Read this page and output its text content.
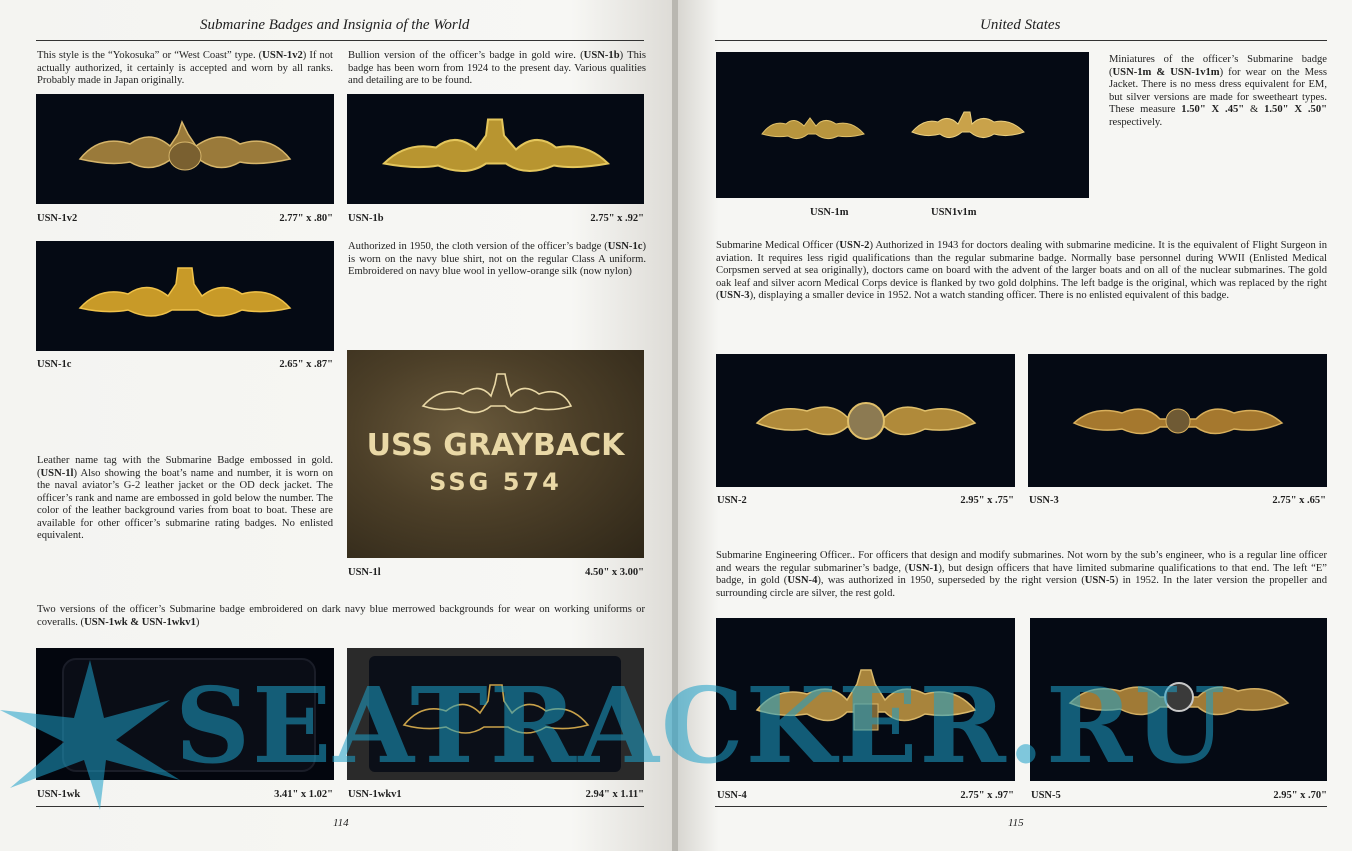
Submarine Badges and Insignia of the World
This style is the “Yokosuka” or “West Coast” type. (USN-1v2) If not actually authorized, it certainly is accepted and worn by all ranks. Probably made in Japan originally.
Bullion version of the officer’s badge in gold wire. (USN-1b) This badge has been worn from 1924 to the present day. Various qualities and detailing are to be found.
USN-1v2	2.77" x .80" USN-1b	2.75" x .92"
USN-1c	2.65" x .87"
Authorized in 1950, the cloth version of the officer’s badge (USN-1c) is worn on the navy blue shirt, not on the regular Class A uniform. Embroidered on navy blue wool in yellow-orange silk (now nylon)
Leather name tag with the Submarine Badge embossed in gold. (USN-1l) Also showing the boat’s name and number, it is worn on the naval aviator’s G-2 leather jacket or the OD deck jacket. The officer’s rank and name are embossed in gold below the number. The color of the leather background varies from boat to boat. These are available for other officer’s submarine rating badges. No enlisted equivalent.
USS GRAYBACK
SSG 574
USN-1l	4.50" x 3.00"
Two versions of the officer’s Submarine badge embroidered on dark navy blue merrowed backgrounds for wear on working uniforms or coveralls. (USN-1wk & USN-1wkv1)
USN-1wk	3.41" x 1.02" USN-1wkv1	2.94" x 1.11"
114
United States
USN-1m	USN1v1m
Miniatures of the officer’s Submarine badge (USN-1m & USN-1v1m) for wear on the Mess Jacket. There is no mess dress equivalent for EM, but silver versions are made for sweetheart types. These measure 1.50" X .45" & 1.50" X .50" respectively.
Submarine Medical Officer (USN-2) Authorized in 1943 for doctors dealing with submarine medicine. It is the equivalent of Flight Surgeon in aviation. It requires less rigid qualifications than the regular submarine badge. Normally base personnel during WWII (Enlisted Medical Corpsmen served at sea originally), doctors came on board with the advent of the larger boats and on all of the nuclear submarines. The gold oak leaf and silver acorn Medical Corps device is flanked by two gold dolphins. The left badge is the original, which was replaced by the right (USN-3), displaying a smaller device in 1952. Not a watch standing officer. There is no enlisted equivalent of this badge.
USN-2	2.95" x .75" USN-3	2.75" x .65"
Submarine Engineering Officer.. For officers that design and modify submarines. Not worn by the sub’s engineer, who is a regular line officer and wears the regular submariner’s badge, (USN-1), but design officers that have limited submarine qualifications to that end. The left “E” badge, in gold (USN-4), was authorized in 1950, superseded by the right version (USN-5) in 1952. In the later version the propeller and surrounding circle are silver, the rest gold.
USN-4	2.75" x .97" USN-5	2.95" x .70"
115
SEATRACKER.RU
